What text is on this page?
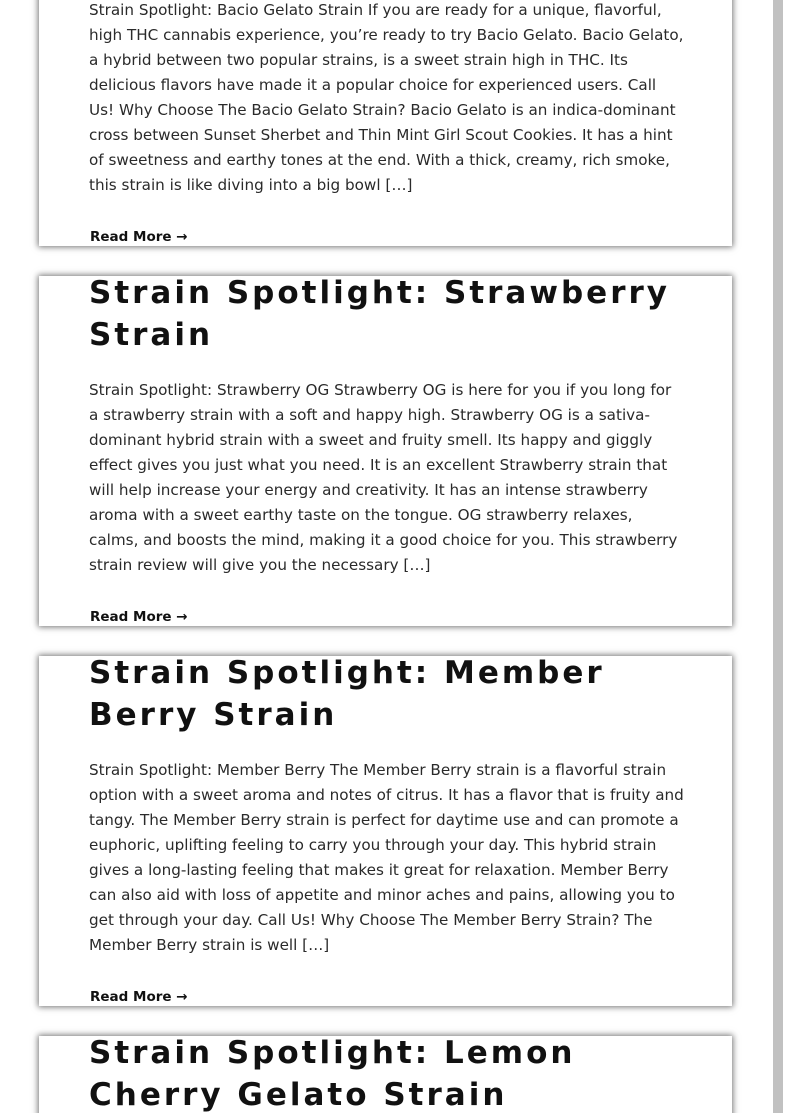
Strain Spotlight: Bacio Gelato Strain If you are ready for a unique, flavorful, high THC cannabis experience, you’re ready to try Bacio Gelato. Bacio Gelato, a hybrid between two popular strains, is a sweet strain high in THC. Its delicious flavors have made it a popular choice for experienced users. Call Us! Why Choose The Bacio Gelato Strain? Bacio Gelato is an indica-dominant cross between Sunset Sherbet and Thin Mint Girl Scout Cookies. It has a hint of sweetness and earthy tones at the end. With a thick, creamy, rich smoke, this strain is like diving into a big bowl […]

Read More →
Strain Spotlight: Strawberry Strain

Strain Spotlight: Strawberry OG Strawberry OG is here for you if you long for a strawberry strain with a soft and happy high. Strawberry OG is a sativa-dominant hybrid strain with a sweet and fruity smell. Its happy and giggly effect gives you just what you need. It is an excellent Strawberry strain that will help increase your energy and creativity. It has an intense strawberry aroma with a sweet earthy taste on the tongue. OG strawberry relaxes, calms, and boosts the mind, making it a good choice for you. This strawberry strain review will give you the necessary […]

Read More →
Strain Spotlight: Member Berry Strain

Strain Spotlight: Member Berry The Member Berry strain is a flavorful strain option with a sweet aroma and notes of citrus. It has a flavor that is fruity and tangy. The Member Berry strain is perfect for daytime use and can promote a euphoric, uplifting feeling to carry you through your day. This hybrid strain gives a long-lasting feeling that makes it great for relaxation. Member Berry can also aid with loss of appetite and minor aches and pains, allowing you to get through your day. Call Us! Why Choose The Member Berry Strain? The Member Berry strain is well […]

Read More →
Strain Spotlight: Lemon Cherry Gelato Strain
